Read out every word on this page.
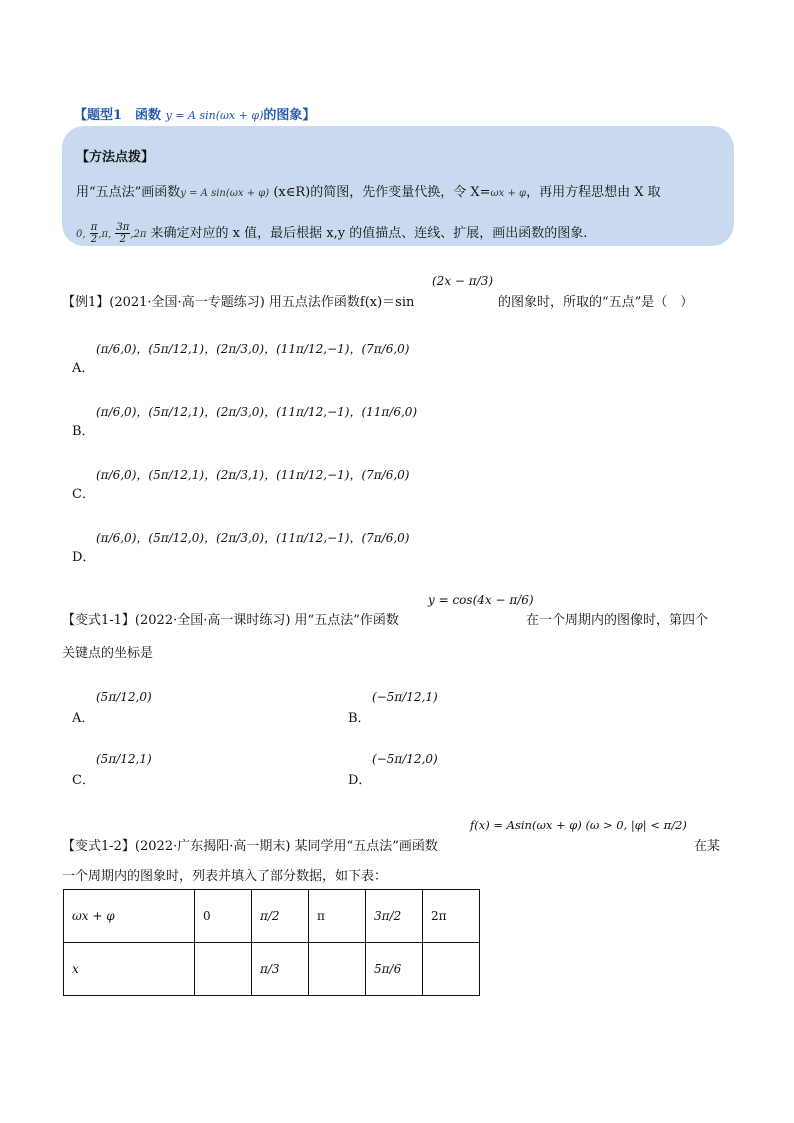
【题型1　函数 y = A sin(ωx + φ)的图象】
【方法点拨】
用“五点法”画函数y = A sin(ωx + φ) (x∈R)的简图，先作变量代换，令 X=ωx + φ，再用方程思想由 X 取
0, $\frac{\pi}{2} ,\pi$, $\frac{3\pi}{2} ,2\pi$ 来确定对应的 x 值，最后根据 x,y 的值描点、连线、扩展，画出函数的图象.
【例1】(2021·全国·高一专题练习) 用五点法作函数f(x)＝sin
(2x − π/3)
的图象时，所取的“五点”是（　）
A．
(π/6,0)，(5π/12,1)，(2π/3,0)，(11π/12,−1)，(7π/6,0)
B．
(π/6,0)，(5π/12,1)，(2π/3,0)，(11π/12,−1)，(11π/6,0)
C．
(π/6,0)，(5π/12,1)，(2π/3,1)，(11π/12,−1)，(7π/6,0)
D．
(π/6,0)，(5π/12,0)，(2π/3,0)，(11π/12,−1)，(7π/6,0)
【变式1-1】(2022·全国·高一课时练习) 用“五点法”作函数
y = cos(4x − π/6)
在一个周期内的图像时，第四个
关键点的坐标是
A．
(5π/12,0)
B．
(−5π/12,1)
C．
(5π/12,1)
D．
(−5π/12,0)
【变式1-2】(2022·广东揭阳·高一期末) 某同学用“五点法”画函数
f(x) = Asin(ωx + φ) (ω > 0, |φ| < π/2)
在某
一个周期内的图象时，列表并填入了部分数据，如下表：
ωx + φ	0	π/2	π	3π/2	2π
x		π/3		5π/6	
